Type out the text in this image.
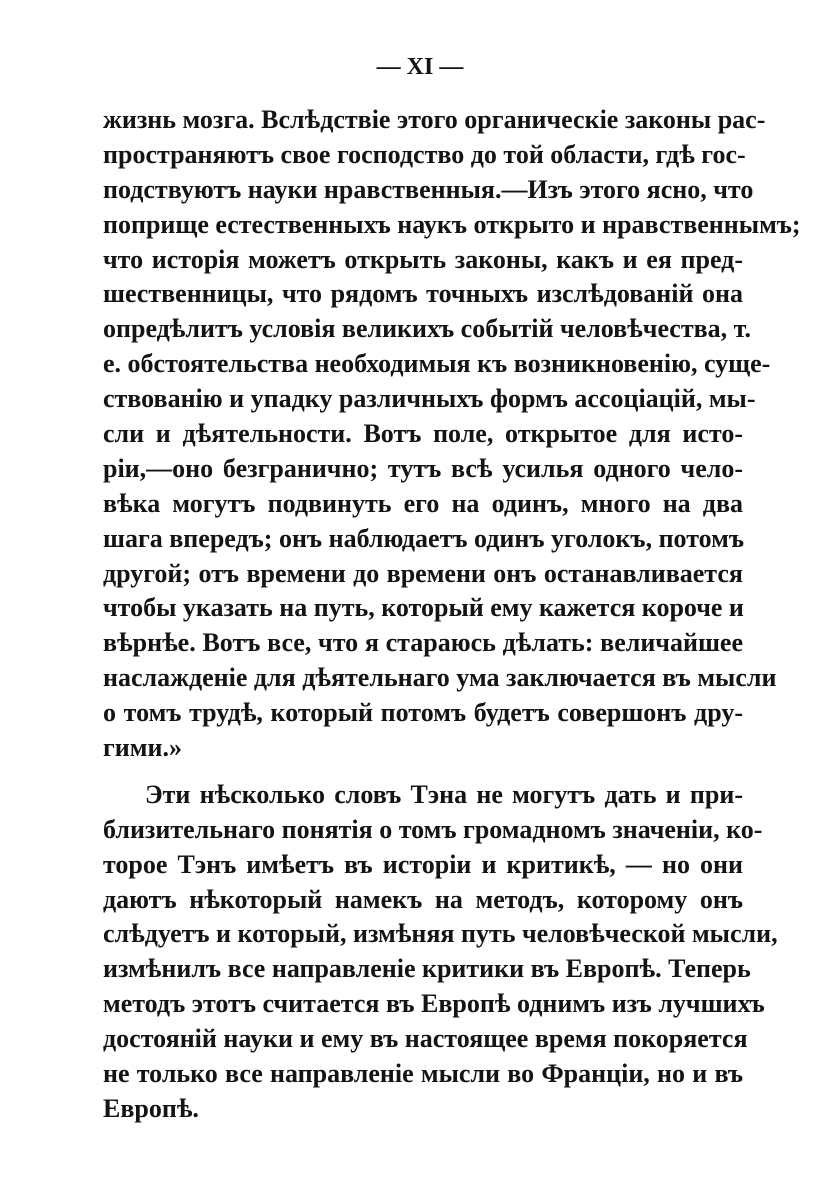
— XI —
жизнь мозга. Вслѣдствіе этого органическіе законы рас-
пространяютъ свое господство до той области, гдѣ гос-
подствуютъ науки нравственныя.—Изъ этого ясно, что
поприще естественныхъ наукъ открыто и нравственнымъ;
что исторія можетъ открыть законы, какъ и ея пред-
шественницы, что рядомъ точныхъ изслѣдованій она
опредѣлитъ условія великихъ событій человѣчества, т.
е. обстоятельства необходимыя къ возникновенію, суще-
ствованію и упадку различныхъ формъ ассоціацій, мы-
сли и дѣятельности. Вотъ поле, открытое для исто-
ріи,—оно безгранично; тутъ всѣ усилья одного чело-
вѣка могутъ подвинуть его на одинъ, много на два
шага впередъ; онъ наблюдаетъ одинъ уголокъ, потомъ
другой; отъ времени до времени онъ останавливается
чтобы указать на путь, который ему кажется короче и
вѣрнѣе. Вотъ все, что я стараюсь дѣлать: величайшее
наслажденіе для дѣятельнаго ума заключается въ мысли
о томъ трудѣ, который потомъ будетъ совершонъ дру-
гими.»
Эти нѣсколько словъ Тэна не могутъ дать и при-
близительнаго понятія о томъ громадномъ значеніи, ко-
торое Тэнъ имѣетъ въ исторіи и критикѣ, — но они
даютъ нѣкоторый намекъ на методъ, которому онъ
слѣдуетъ и который, измѣняя путь человѣческой мысли,
измѣнилъ все направленіе критики въ Европѣ. Теперь
методъ этотъ считается въ Европѣ однимъ изъ лучшихъ
достояній науки и ему въ настоящее время покоряется
не только все направленіе мысли во Франціи, но и въ
Европѣ.
